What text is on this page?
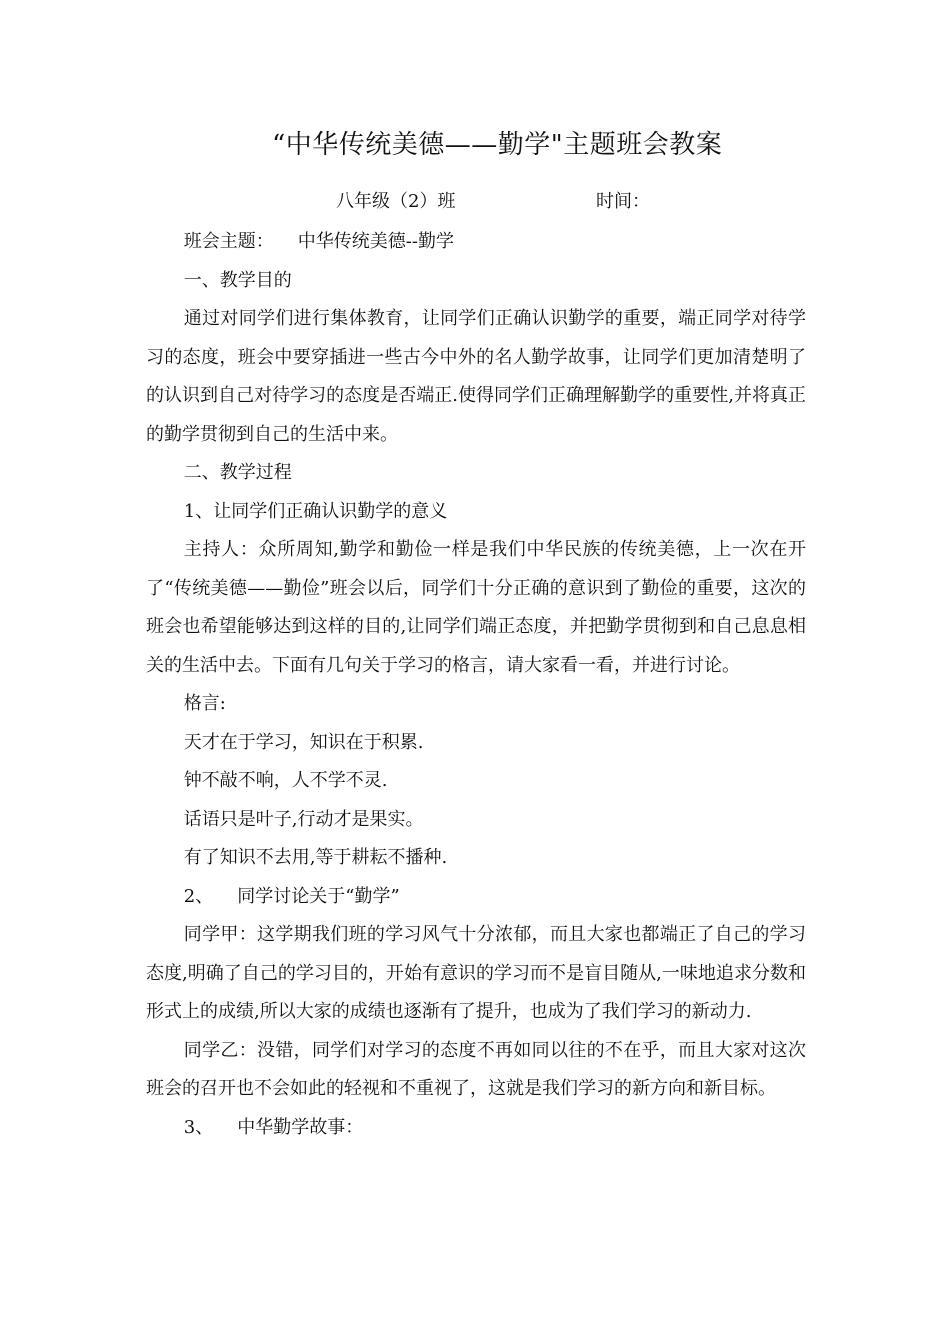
“中华传统美德——勤学"主题班会教案
八年级（2）班	时间：

班会主题： 中华传统美德--勤学

一、教学目的

通过对同学们进行集体教育，让同学们正确认识勤学的重要，端正同学对待学习的态度，班会中要穿插进一些古今中外的名人勤学故事，让同学们更加清楚明了的认识到自己对待学习的态度是否端正.使得同学们正确理解勤学的重要性,并将真正的勤学贯彻到自己的生活中来。

二、教学过程

1、让同学们正确认识勤学的意义

主持人：众所周知,勤学和勤俭一样是我们中华民族的传统美德，上一次在开了“传统美德——勤俭”班会以后，同学们十分正确的意识到了勤俭的重要，这次的班会也希望能够达到这样的目的,让同学们端正态度，并把勤学贯彻到和自己息息相关的生活中去。下面有几句关于学习的格言，请大家看一看，并进行讨论。

格言:

天才在于学习，知识在于积累.

钟不敲不响，人不学不灵.

话语只是叶子,行动才是果实。

有了知识不去用,等于耕耘不播种.

2、 同学讨论关于“勤学”

同学甲：这学期我们班的学习风气十分浓郁，而且大家也都端正了自己的学习态度,明确了自己的学习目的，开始有意识的学习而不是盲目随从,一味地追求分数和形式上的成绩,所以大家的成绩也逐渐有了提升，也成为了我们学习的新动力.

同学乙：没错，同学们对学习的态度不再如同以往的不在乎，而且大家对这次班会的召开也不会如此的轻视和不重视了，这就是我们学习的新方向和新目标。

3、 中华勤学故事：
